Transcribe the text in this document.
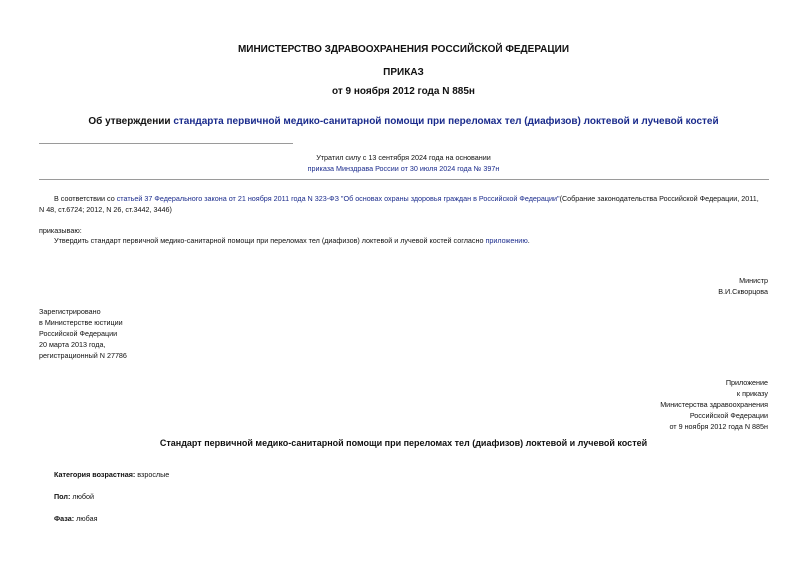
МИНИСТЕРСТВО ЗДРАВООХРАНЕНИЯ РОССИЙСКОЙ ФЕДЕРАЦИИ
ПРИКАЗ
от 9 ноября 2012 года N 885н
Об утверждении стандарта первичной медико-санитарной помощи при переломах тел (диафизов) локтевой и лучевой костей
Утратил силу с 13 сентября 2024 года на основании
приказа Минздрава России от 30 июля 2024 года № 397н
В соответствии со статьей 37 Федерального закона от 21 ноября 2011 года N 323-ФЗ "Об основах охраны здоровья граждан в Российской Федерации"(Собрание законодательства Российской Федерации, 2011,
N 48, ст.6724; 2012, N 26, ст.3442, 3446)
приказываю:
Утвердить стандарт первичной медико-санитарной помощи при переломах тел (диафизов) локтевой и лучевой костей согласно приложению.
Министр
В.И.Скворцова
Зарегистрировано
в Министерстве юстиции
Российской Федерации
20 марта 2013 года,
регистрационный N 27786
Приложение
к приказу
Министерства здравоохранения
Российской Федерации
от 9 ноября 2012 года N 885н
Стандарт первичной медико-санитарной помощи при переломах тел (диафизов) локтевой и лучевой костей
Категория возрастная: взрослые
Пол: любой
Фаза: любая
